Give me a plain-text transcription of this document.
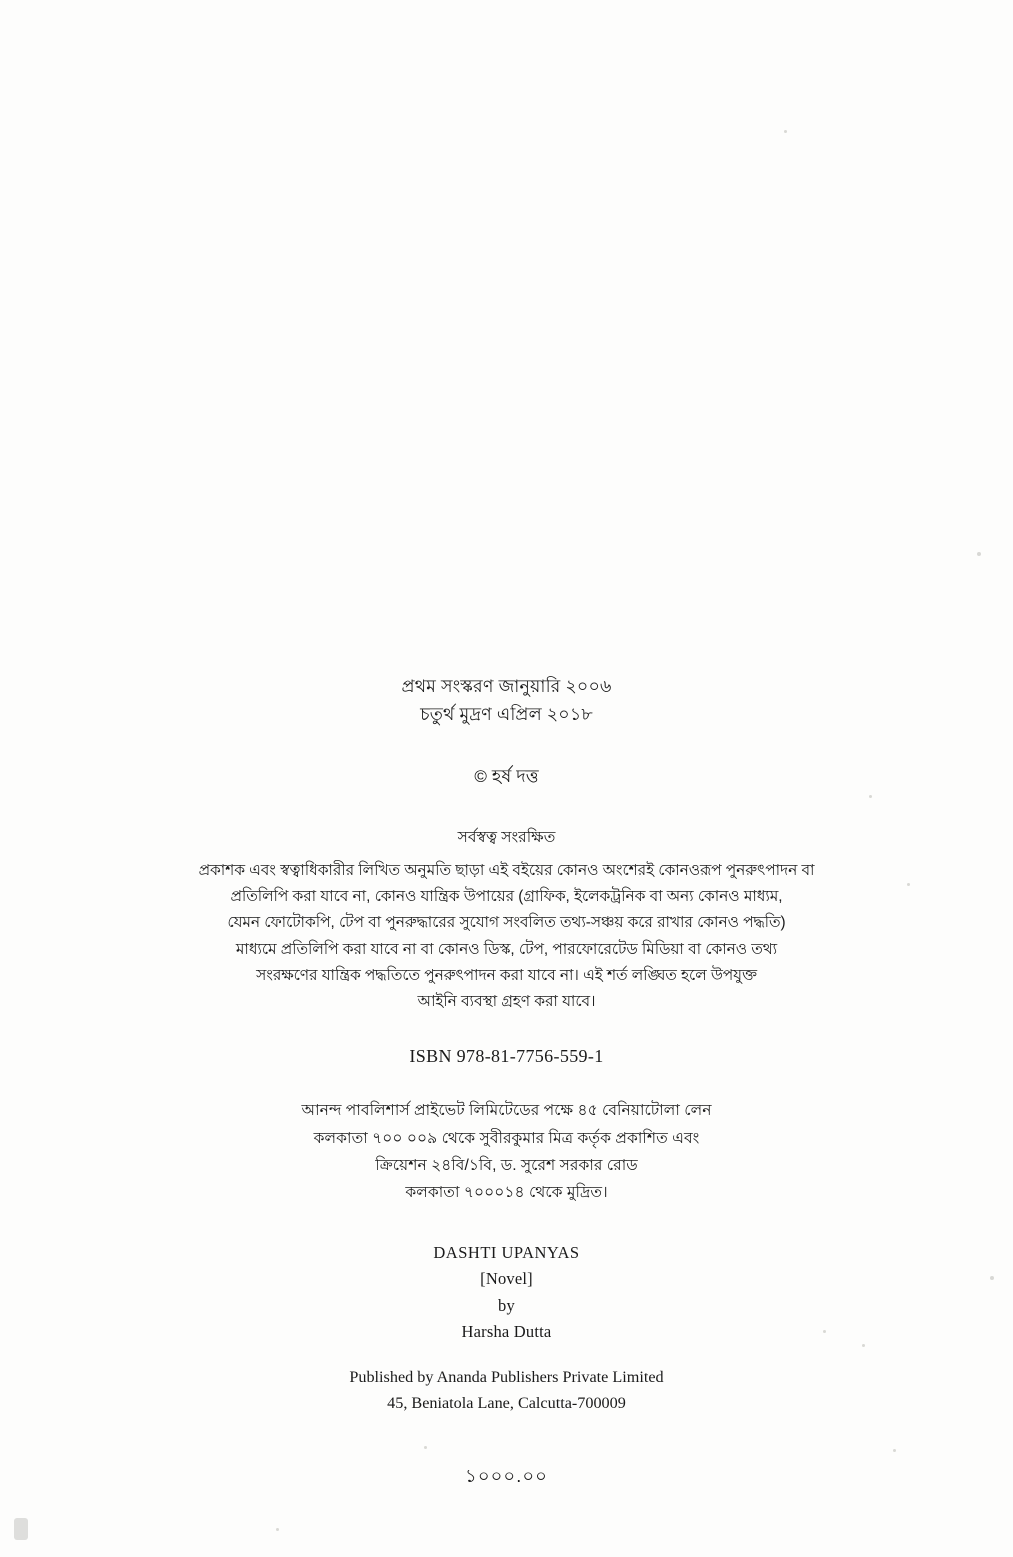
প্রথম সংস্করণ জানুয়ারি ২০০৬
চতুর্থ মুদ্রণ এপ্রিল ২০১৮
© হর্ষ দত্ত
সর্বস্বত্ব সংরক্ষিত

প্রকাশক এবং স্বত্বাধিকারীর লিখিত অনুমতি ছাড়া এই বইয়ের কোনও অংশেরই কোনওরূপ পুনরুৎপাদন বা

প্রতিলিপি করা যাবে না, কোনও যান্ত্রিক উপায়ের (গ্রাফিক, ইলেকট্রনিক বা অন্য কোনও মাধ্যম,

যেমন ফোটোকপি, টেপ বা পুনরুদ্ধারের সুযোগ সংবলিত তথ্য-সঞ্চয় করে রাখার কোনও পদ্ধতি)

মাধ্যমে প্রতিলিপি করা যাবে না বা কোনও ডিস্ক, টেপ, পারফোরেটেড মিডিয়া বা কোনও তথ্য

সংরক্ষণের যান্ত্রিক পদ্ধতিতে পুনরুৎপাদন করা যাবে না। এই শর্ত লঙ্ঘিত হলে উপযুক্ত

আইনি ব্যবস্থা গ্রহণ করা যাবে।

ISBN 978-81-7756-559-1

আনন্দ পাবলিশার্স প্রাইভেট লিমিটেডের পক্ষে ৪৫ বেনিয়াটোলা লেন

কলকাতা ৭০০ ০০৯ থেকে সুবীরকুমার মিত্র কর্তৃক প্রকাশিত এবং

ক্রিয়েশন ২৪বি/১বি, ড. সুরেশ সরকার রোড

কলকাতা ৭০০০১৪ থেকে মুদ্রিত।

DASHTI UPANYAS

[Novel]

by

Harsha Dutta

Published by Ananda Publishers Private Limited

45, Beniatola Lane, Calcutta-700009

১০০০.০০
